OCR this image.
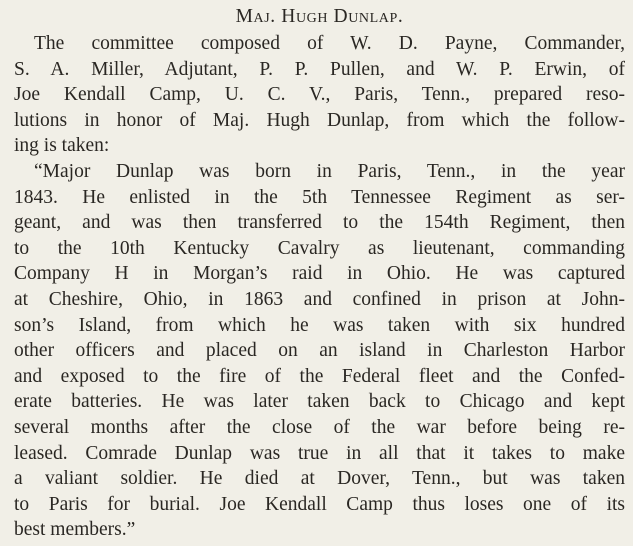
Maj. Hugh Dunlap.
The committee composed of W. D. Payne, Commander,
S. A. Miller, Adjutant, P. P. Pullen, and W. P. Erwin, of
Joe Kendall Camp, U. C. V., Paris, Tenn., prepared reso-
lutions in honor of Maj. Hugh Dunlap, from which the follow-
ing is taken:
“Major Dunlap was born in Paris, Tenn., in the year
1843. He enlisted in the 5th Tennessee Regiment as ser-
geant, and was then transferred to the 154th Regiment, then
to the 10th Kentucky Cavalry as lieutenant, commanding
Company H in Morgan’s raid in Ohio. He was captured
at Cheshire, Ohio, in 1863 and confined in prison at John-
son’s Island, from which he was taken with six hundred
other officers and placed on an island in Charleston Harbor
and exposed to the fire of the Federal fleet and the Confed-
erate batteries. He was later taken back to Chicago and kept
several months after the close of the war before being re-
leased. Comrade Dunlap was true in all that it takes to make
a valiant soldier. He died at Dover, Tenn., but was taken
to Paris for burial. Joe Kendall Camp thus loses one of its
best members.”
